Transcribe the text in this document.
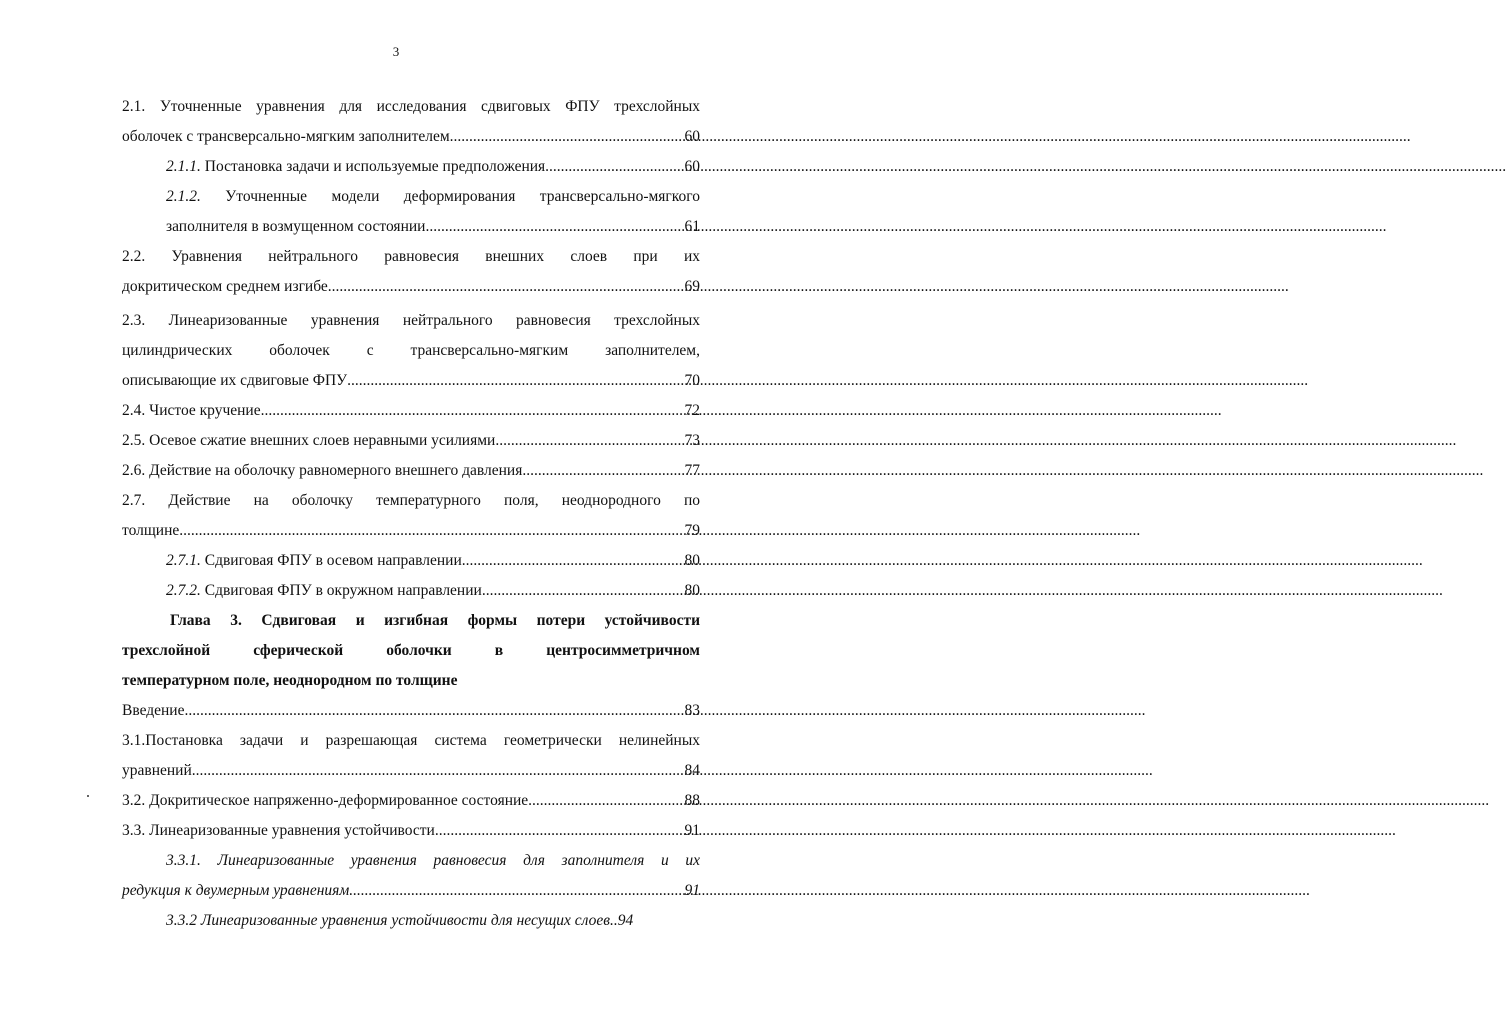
3

2.1. Уточненные уравнения для исследования сдвиговых ФПУ трехслойных

оболочек с трансверсально-мягким заполнителем .....	60

2.1.1. Постановка задачи и используемые предположения .....	60

2.1.2. Уточненные модели деформирования трансверсально-мягкого

заполнителя в возмущенном состоянии .....	61

2.2. Уравнения нейтрального равновесия внешних слоев при их

докритическом среднем изгибе .....	69

2.3. Линеаризованные уравнения нейтрального равновесия трехслойных

цилиндрических оболочек с трансверсально-мягким заполнителем,

описывающие их сдвиговые ФПУ .....	70

2.4. Чистое кручение .....	72

2.5. Осевое сжатие внешних слоев неравными усилиями .....	73

2.6. Действие на оболочку равномерного внешнего давления .....	77

2.7. Действие на оболочку температурного поля, неоднородного по

толщине .....	79

2.7.1. Сдвиговая ФПУ в осевом направлении .....	80

2.7.2. Сдвиговая ФПУ в окружном направлении .....	80

Глава 3. Сдвиговая и изгибная формы потери устойчивости

трехслойной сферической оболочки в центросимметричном

температурном поле, неоднородном по толщине

Введение .....	83

3.1.Постановка задачи и разрешающая система геометрически нелинейных

уравнений .....	84

3.2. Докритическое напряженно-деформированное состояние .....	88

3.3. Линеаризованные уравнения устойчивости .....	91

3.3.1. Линеаризованные уравнения равновесия для заполнителя и их

редукция к двумерным уравнениям .....	91

3.3.2 Линеаризованные уравнения устойчивости для несущих слоев .. 94
